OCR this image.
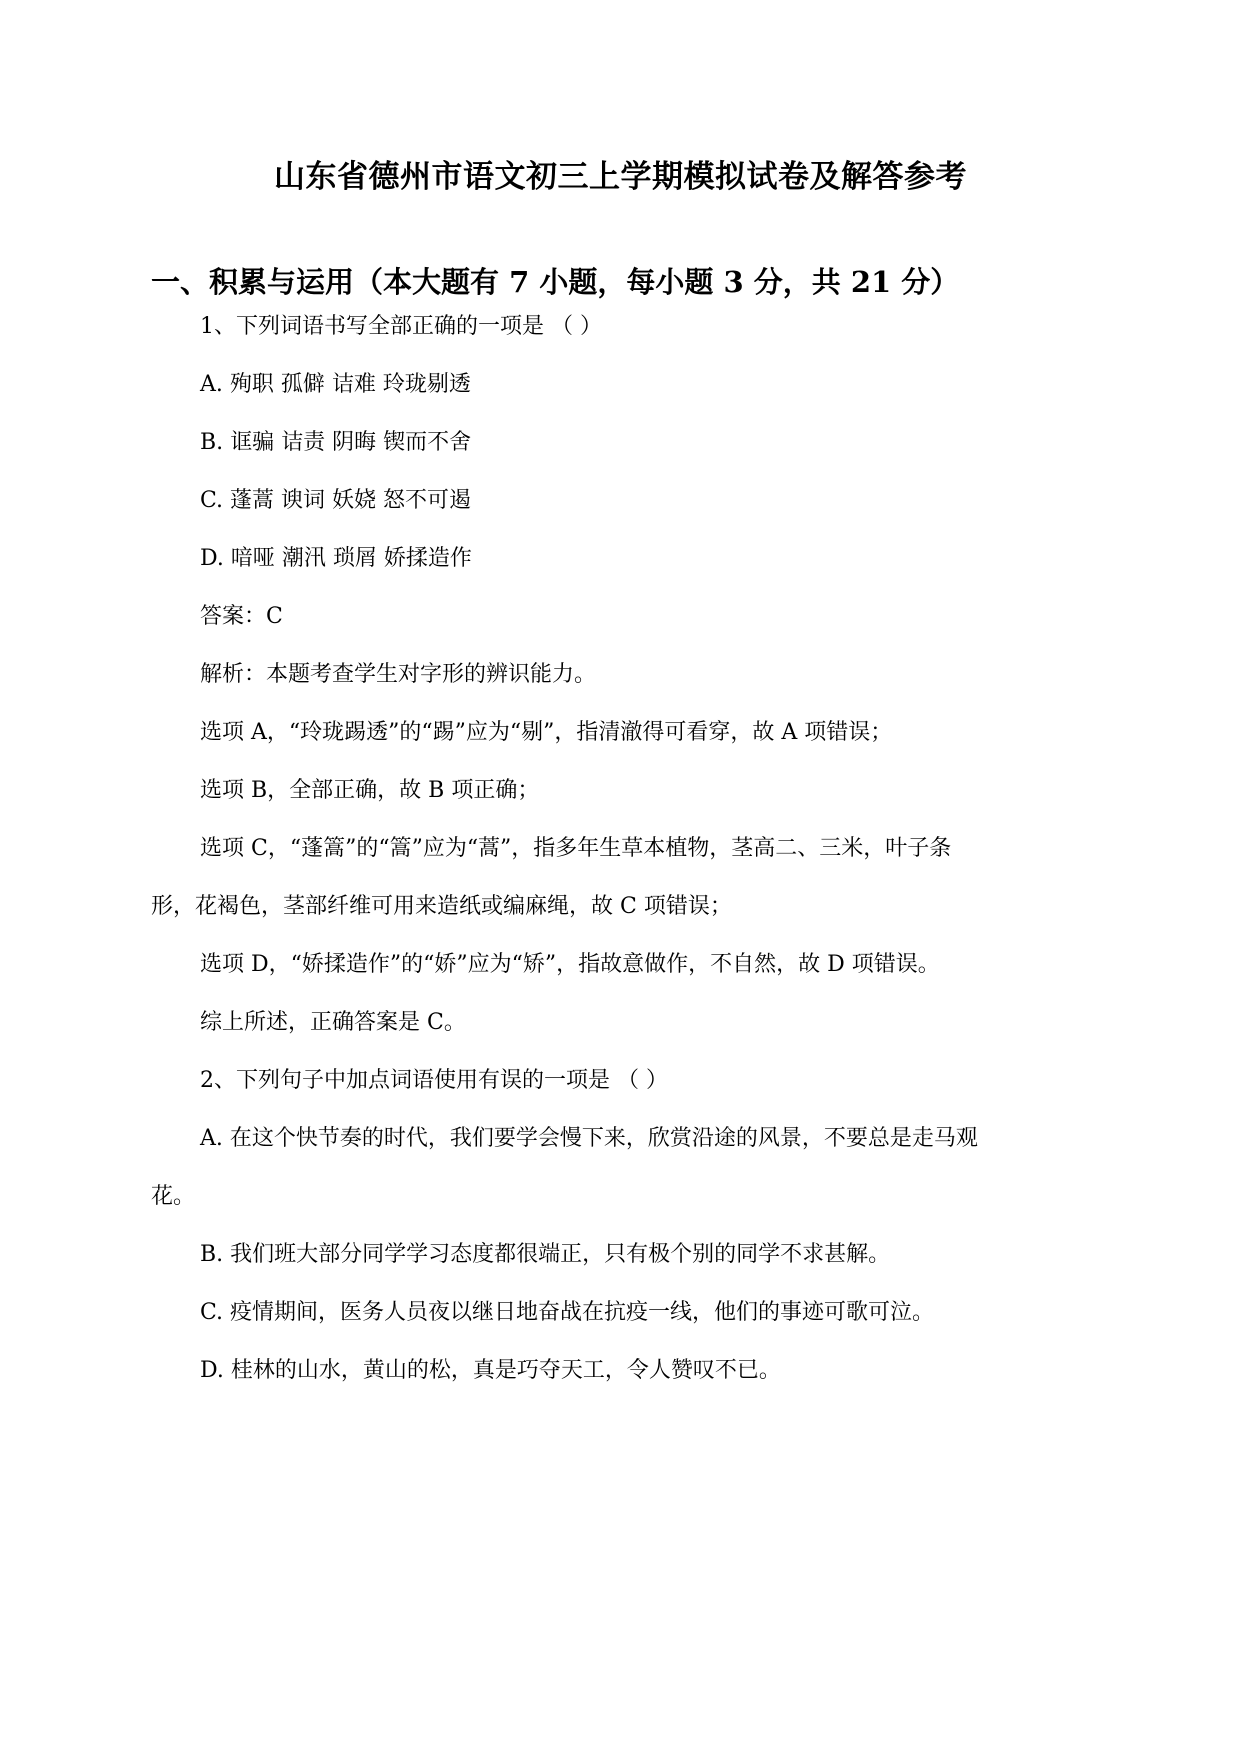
山东省德州市语文初三上学期模拟试卷及解答参考
一、积累与运用（本大题有 7 小题，每小题 3 分，共 21 分）
1、下列词语书写全部正确的一项是 （ ）
A. 殉职 孤僻 诘难 玲珑剔透
B. 诓骗 诘责 阴晦 锲而不舍
C. 蓬蒿 谀词 妖娆 怒不可遏
D. 喑哑 潮汛 琐屑 娇揉造作
答案：C
解析：本题考查学生对字形的辨识能力。
选项 A，“玲珑踢透”的“踢”应为“剔”，指清澈得可看穿，故 A 项错误；
选项 B，全部正确，故 B 项正确；
选项 C，“蓬篙”的“篙”应为“蒿”，指多年生草本植物，茎高二、三米，叶子条
形，花褐色，茎部纤维可用来造纸或编麻绳，故 C 项错误；
选项 D，“娇揉造作”的“娇”应为“矫”，指故意做作，不自然，故 D 项错误。
综上所述，正确答案是 C。
2、下列句子中加点词语使用有误的一项是 （ ）
A. 在这个快节奏的时代，我们要学会慢下来，欣赏沿途的风景，不要总是走马观
花。
B. 我们班大部分同学学习态度都很端正，只有极个别的同学不求甚解。
C. 疫情期间，医务人员夜以继日地奋战在抗疫一线，他们的事迹可歌可泣。
D. 桂林的山水，黄山的松，真是巧夺天工，令人赞叹不已。
